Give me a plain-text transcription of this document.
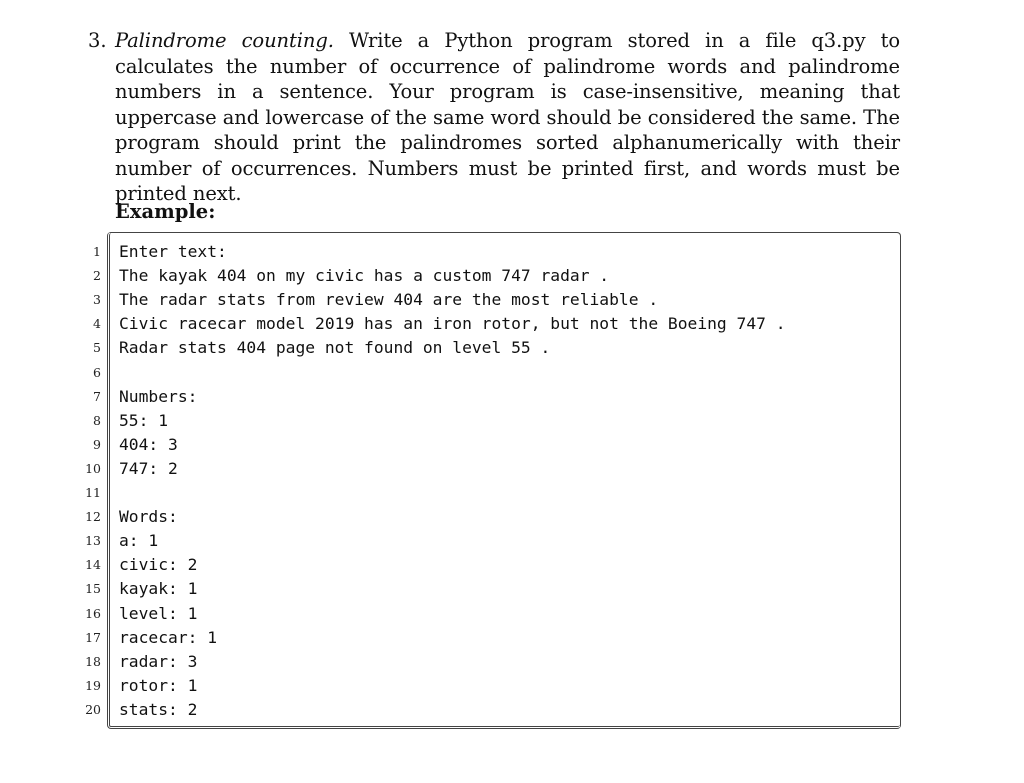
3. Palindrome counting. Write a Python program stored in a file q3.py to calculates the number of occurrence of palindrome words and palindrome numbers in a sentence. Your program is case-insensitive, meaning that uppercase and lowercase of the same word should be considered the same. The program should print the palindromes sorted alphanumerically with their number of occurrences. Numbers must be printed first, and words must be printed next.
Example:
1	Enter text:
2	The kayak 404 on my civic has a custom 747 radar .
3	The radar stats from review 404 are the most reliable .
4	Civic racecar model 2019 has an iron rotor, but not the Boeing 747 .
5	Radar stats 404 page not found on level 55 .
6
7	Numbers:
8	55: 1
9	404: 3
10	747: 2
11
12	Words:
13	a: 1
14	civic: 2
15	kayak: 1
16	level: 1
17	racecar: 1
18	radar: 3
19	rotor: 1
20	stats: 2
